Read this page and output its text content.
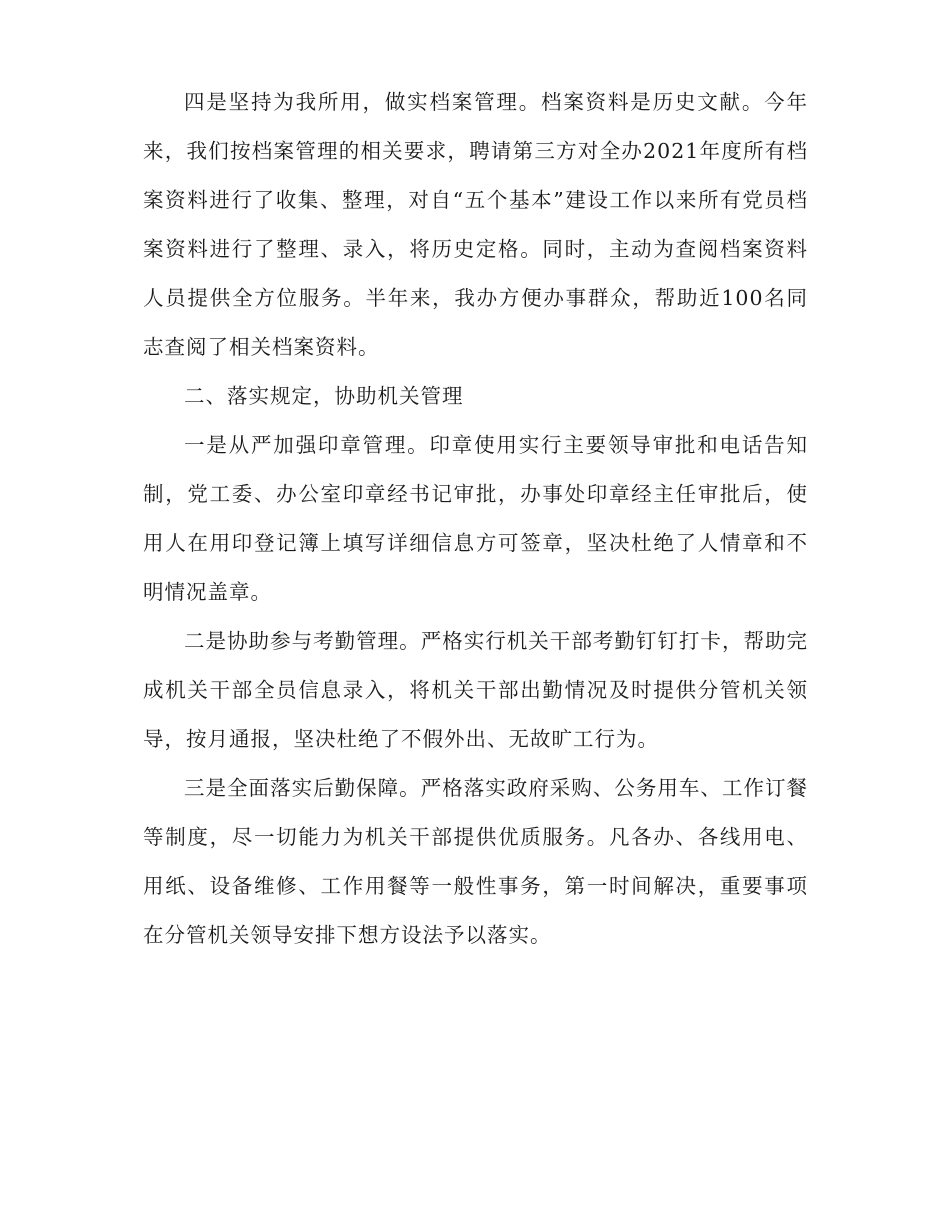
四是坚持为我所用，做实档案管理。档案资料是历史文献。今年来，我们按档案管理的相关要求，聘请第三方对全办2021年度所有档案资料进行了收集、整理，对自“五个基本”建设工作以来所有党员档案资料进行了整理、录入，将历史定格。同时，主动为查阅档案资料人员提供全方位服务。半年来，我办方便办事群众，帮助近100名同志查阅了相关档案资料。

二、落实规定，协助机关管理

一是从严加强印章管理。印章使用实行主要领导审批和电话告知制，党工委、办公室印章经书记审批，办事处印章经主任审批后，使用人在用印登记簿上填写详细信息方可签章，坚决杜绝了人情章和不明情况盖章。

二是协助参与考勤管理。严格实行机关干部考勤钉钉打卡，帮助完成机关干部全员信息录入，将机关干部出勤情况及时提供分管机关领导，按月通报，坚决杜绝了不假外出、无故旷工行为。

三是全面落实后勤保障。严格落实政府采购、公务用车、工作订餐等制度，尽一切能力为机关干部提供优质服务。凡各办、各线用电、用纸、设备维修、工作用餐等一般性事务，第一时间解决，重要事项在分管机关领导安排下想方设法予以落实。
